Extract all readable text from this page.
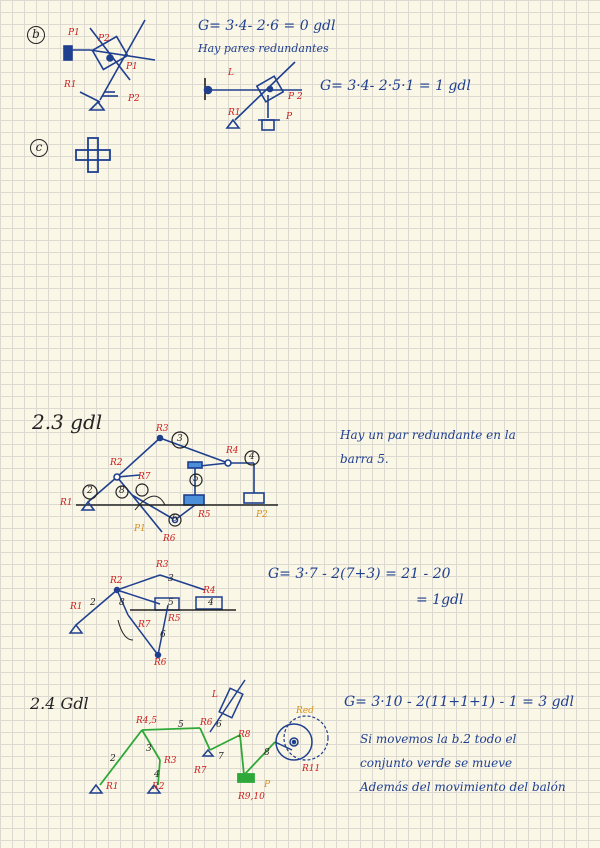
b	G= 3·4- 2·6 = 0 gdl
Hay pares redundantes
G= 3·4- 2·5·1 = 1 gdl
P1
P2
P1
R1
P2
L
R1
P 2
P
c
2.3 gdl
Hay un par redundante en la
barra 5.
G= 3·7 - 2(7+3) = 21 - 20
= 1gdl
R1
R2
R3
R4
R5
R6
R7
P1
P2
2
3
4
5
6
8
R1
R2
R3
R4
R5
R6
R7
2
3
4
5
6
8
2.4 Gdl	G= 3·10 - 2(11+1+1) - 1 = 3 gdl
Si movemos la b.2 todo el
conjunto verde se mueve
Además del movimiento del balón
L
R4,5 5 R6
Red
2	R3
3
4
R2
R1
7
6
R8
R7
8
R11
R9,10
P
